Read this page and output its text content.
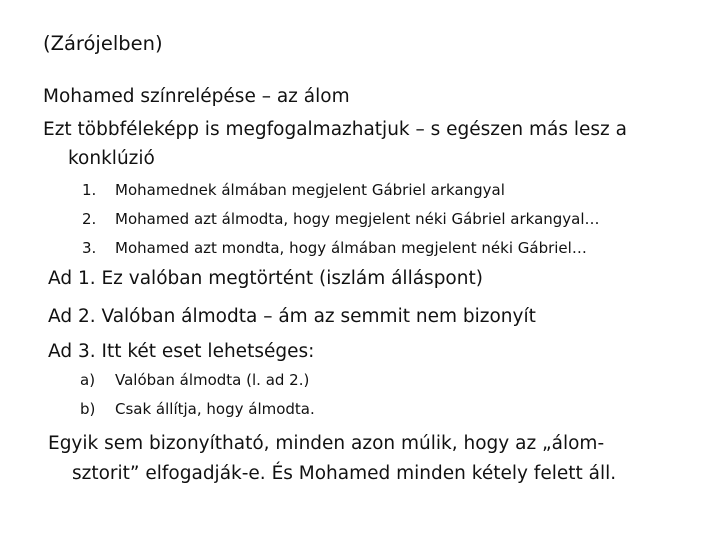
(Zárójelben)
Mohamed színrelépése – az álom
Ezt többféleképp is megfogalmazhatjuk – s egészen más lesz a
konklúzió
1. Mohamednek álmában megjelent Gábriel arkangyal
2. Mohamed azt álmodta, hogy megjelent néki Gábriel arkangyal…
3. Mohamed azt mondta, hogy álmában megjelent néki Gábriel…
Ad 1. Ez valóban megtörtént (iszlám álláspont)
Ad 2. Valóban álmodta – ám az semmit nem bizonyít
Ad 3. Itt két eset lehetséges:
a) Valóban álmodta (l. ad 2.)
b) Csak állítja, hogy álmodta.
Egyik sem bizonyítható, minden azon múlik, hogy az „álom-
sztorit” elfogadják-e. És Mohamed minden kétely felett áll.
